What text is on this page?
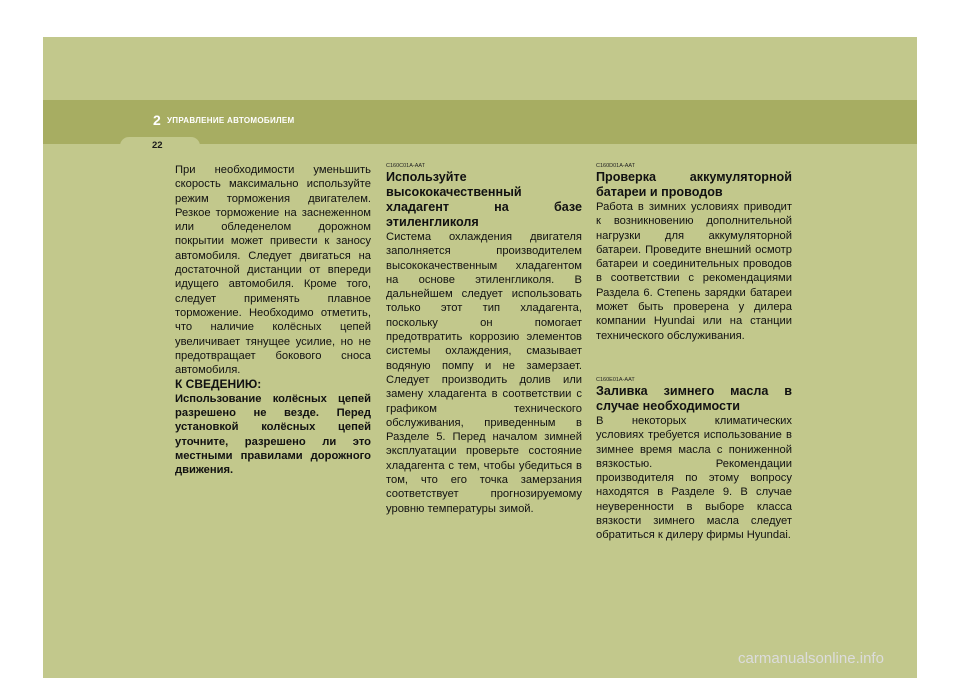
2 УПРАВЛЕНИЕ АВТОМОБИЛЕМ
22

При необходимости уменьшить скорость максимально используйте режим торможения двигателем. Резкое торможение на заснеженном или обледенелом дорожном покрытии может привести к заносу автомобиля. Следует двигаться на достаточной дистанции от впереди идущего автомобиля. Кроме того, следует применять плавное торможение. Необходимо отметить, что наличие колёсных цепей увеличивает тянущее усилие, но не предотвращает бокового сноса автомобиля.

К СВЕДЕНИЮ:

Использование колёсных цепей разрешено не везде. Перед установкой колёсных цепей уточните, разрешено ли это местными правилами дорожного движения.

C160C01A-AAT

Используйте высококачественный хладагент на базе этиленгликоля

Система охлаждения двигателя заполняется производителем высококачественным хладагентом на основе этиленгликоля. В дальнейшем следует использовать только этот тип хладагента, поскольку он помогает предотвратить коррозию элементов системы охлаждения, смазывает водяную помпу и не замерзает. Следует производить долив или замену хладагента в соответствии с графиком технического обслуживания, приведенным в Разделе 5. Перед началом зимней эксплуатации проверьте состояние хладагента с тем, чтобы убедиться в том, что его точка замерзания соответствует прогнозируемому уровню температуры зимой.

C160D01A-AAT

Проверка аккумуляторной батареи и проводов

Работа в зимних условиях приводит к возникновению дополнительной нагрузки для аккумуляторной батареи. Проведите внешний осмотр батареи и соединительных проводов в соответствии с рекомендациями Раздела 6. Степень зарядки батареи может быть проверена у дилера компании Hyundai или на станции технического обслуживания.

C160E01A-AAT

Заливка зимнего масла в случае необходимости

В некоторых климатических условиях требуется использование в зимнее время масла с пониженной вязкостью. Рекомендации производителя по этому вопросу находятся в Разделе 9. В случае неуверенности в выборе класса вязкости зимнего масла следует обратиться к дилеру фирмы Hyundai.

carmanualsonline.info
